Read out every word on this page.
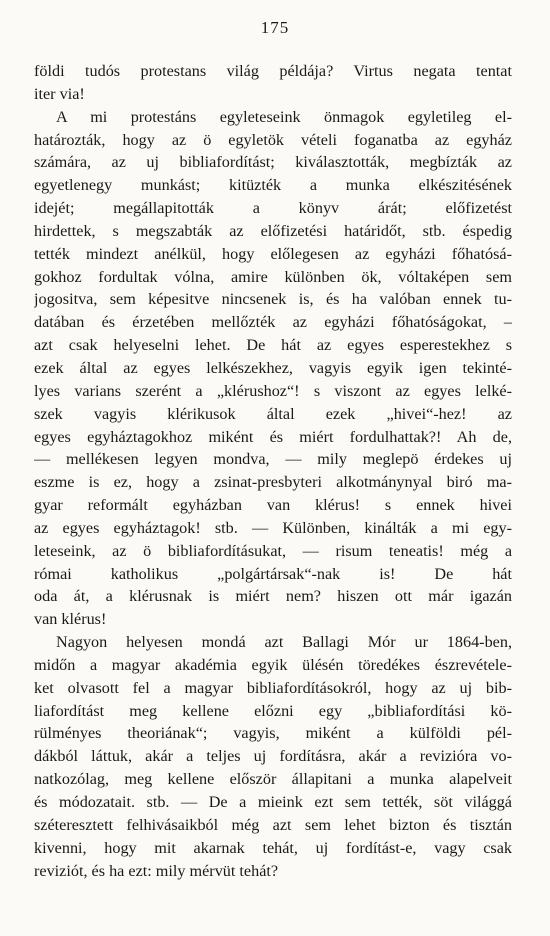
175
földi tudós protestans világ példája? Virtus negata tentat
iter via!
A mi protestáns egyleteseink önmagok egyletileg el-
határozták, hogy az ö egyletök vételi foganatba az egyház
számára, az uj bibliafordítást; kiválasztották, megbízták az
egyetlenegy munkást; kitüzték a munka elkészitésének
idejét; megállapitották a könyv árát; előfizetést
hirdettek, s megszabták az előfizetési határidőt, stb. éspedig
tették mindezt anélkül, hogy előlegesen az egyházi főhatósá-
gokhoz fordultak vólna, amire különben ök, vóltaképen sem
jogositva, sem képesitve nincsenek is, és ha valóban ennek tu-
datában és érzetében mellőzték az egyházi főhatóságokat, –
azt csak helyeselni lehet. De hát az egyes esperestekhez s
ezek által az egyes lelkészekhez, vagyis egyik igen tekinté-
lyes varians szerént a „klérushoz“! s viszont az egyes lelké-
szek vagyis klérikusok által ezek „hivei“-hez! az
egyes egyháztagokhoz miként és miért fordulhattak?! Ah de,
— mellékesen legyen mondva, — mily meglepö érdekes uj
eszme is ez, hogy a zsinat-presbyteri alkotmánynyal biró ma-
gyar reformált egyházban van klérus! s ennek hivei
az egyes egyháztagok! stb. — Különben, kinálták a mi egy-
leteseink, az ö bibliafordításukat, — risum teneatis! még a
római katholikus „polgártársak“-nak is! De hát
oda át, a klérusnak is miért nem? hiszen ott már igazán
van klérus!
Nagyon helyesen mondá azt Ballagi Mór ur 1864-ben,
midőn a magyar akadémia egyik ülésén töredékes észrevétele-
ket olvasott fel a magyar bibliafordításokról, hogy az uj bib-
liafordítást meg kellene előzni egy „bibliafordítási kö-
rülményes theoriának“; vagyis, miként a külföldi pél-
dákból láttuk, akár a teljes uj fordításra, akár a revizióra vo-
natkozólag, meg kellene először állapitani a munka alapelveit
és módozatait. stb. — De a mieink ezt sem tették, söt világgá
széteresztett felhivásaikból még azt sem lehet bizton és tisztán
kivenni, hogy mit akarnak tehát, uj fordítást-e, vagy csak
reviziót, és ha ezt: mily mérvüt tehát?
